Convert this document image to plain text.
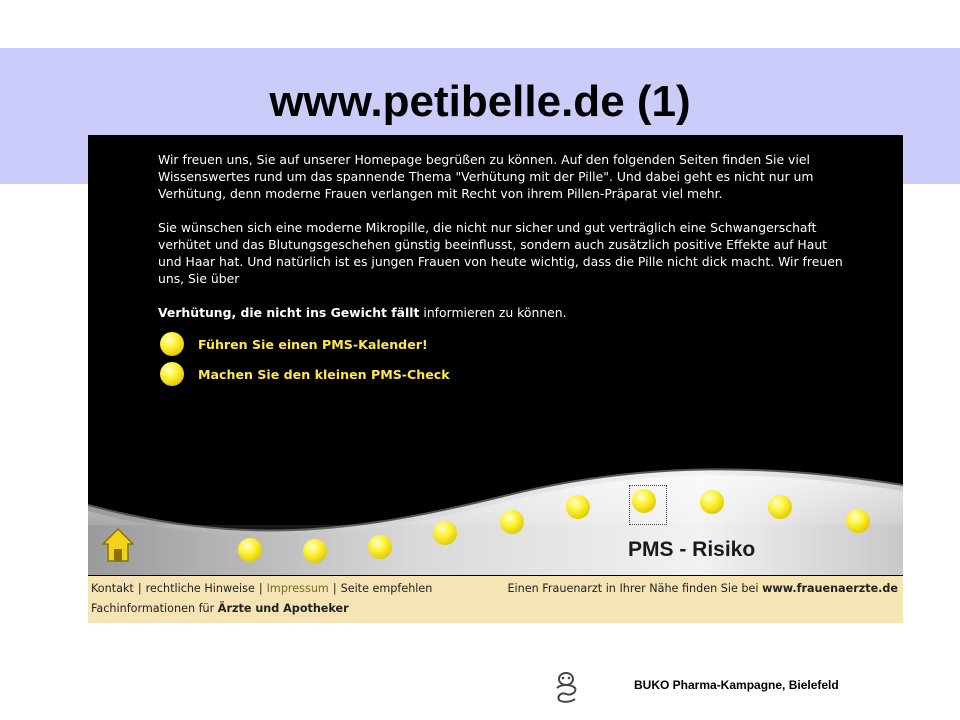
www.petibelle.de (1)

Wir freuen uns, Sie auf unserer Homepage begrüßen zu können. Auf den folgenden Seiten finden Sie viel Wissenswertes rund um das spannende Thema "Verhütung mit der Pille". Und dabei geht es nicht nur um Verhütung, denn moderne Frauen verlangen mit Recht von ihrem Pillen-Präparat viel mehr.

Sie wünschen sich eine moderne Mikropille, die nicht nur sicher und gut verträglich eine Schwangerschaft verhütet und das Blutungsgeschehen günstig beeinflusst, sondern auch zusätzlich positive Effekte auf Haut und Haar hat. Und natürlich ist es jungen Frauen von heute wichtig, dass die Pille nicht dick macht. Wir freuen uns, Sie über

Verhütung, die nicht ins Gewicht fällt informieren zu können.

Führen Sie einen PMS-Kalender!
Machen Sie den kleinen PMS-Check
PMS - Risiko
Kontakt | rechtliche Hinweise | Impressum | Seite empfehlen	Einen Frauenarzt in Ihrer Nähe finden Sie bei www.frauenaerzte.de
Fachinformationen für Ärzte und Apotheker
BUKO Pharma-Kampagne, Bielefeld
